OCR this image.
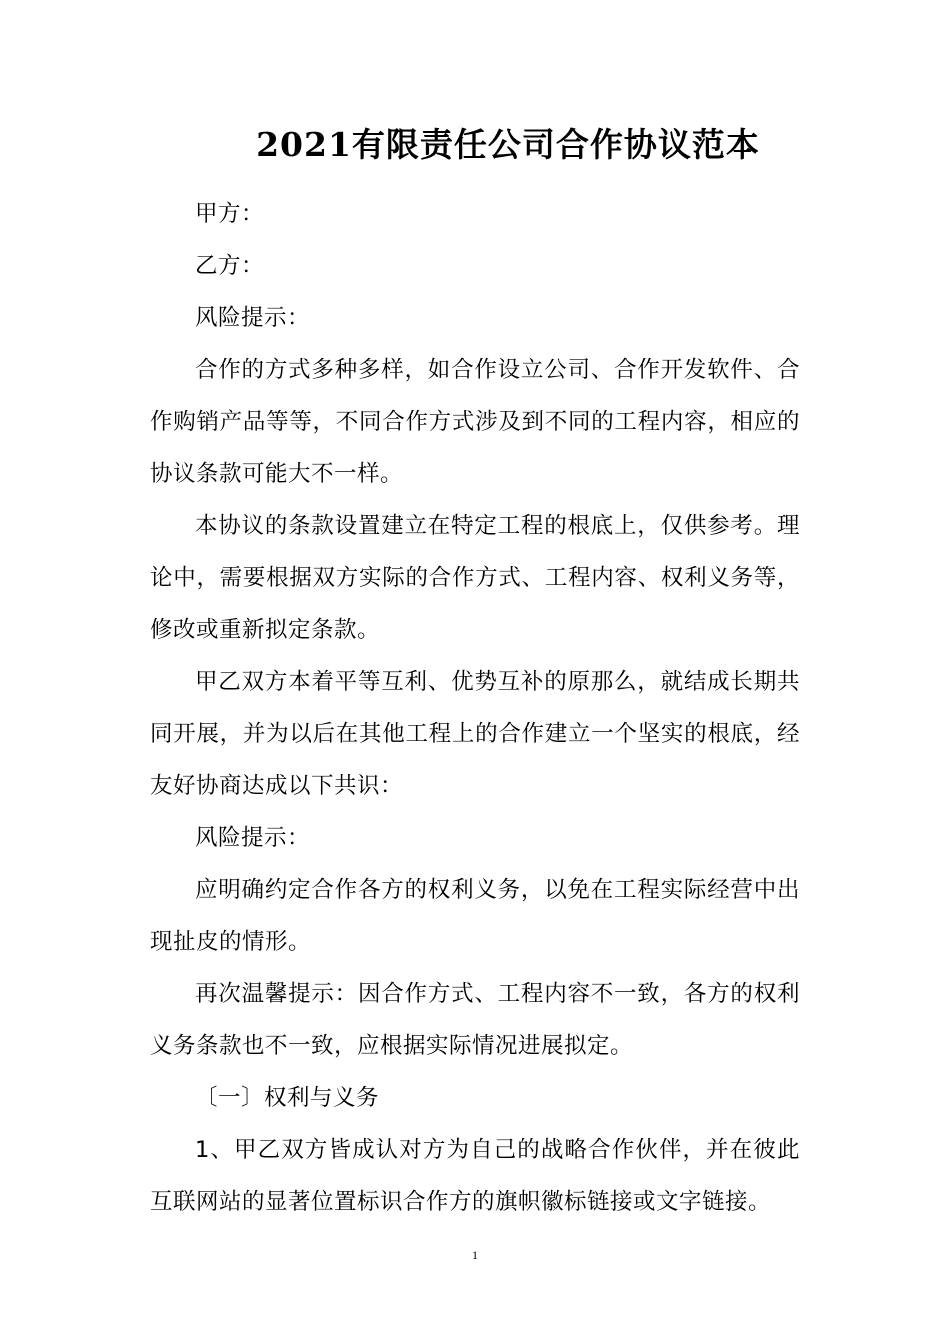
2021有限责任公司合作协议范本

甲方：

乙方：

风险提示：

合作的方式多种多样，如合作设立公司、合作开发软件、合作购销产品等等，不同合作方式涉及到不同的工程内容，相应的协议条款可能大不一样。

本协议的条款设置建立在特定工程的根底上，仅供参考。理论中，需要根据双方实际的合作方式、工程内容、权利义务等，修改或重新拟定条款。

甲乙双方本着平等互利、优势互补的原那么，就结成长期共同开展，并为以后在其他工程上的合作建立一个坚实的根底，经友好协商达成以下共识：

风险提示：

应明确约定合作各方的权利义务，以免在工程实际经营中出现扯皮的情形。

再次温馨提示：因合作方式、工程内容不一致，各方的权利义务条款也不一致，应根据实际情况进展拟定。

〔一〕权利与义务

1、甲乙双方皆成认对方为自己的战略合作伙伴，并在彼此互联网站的显著位置标识合作方的旗帜徽标链接或文字链接。

1
